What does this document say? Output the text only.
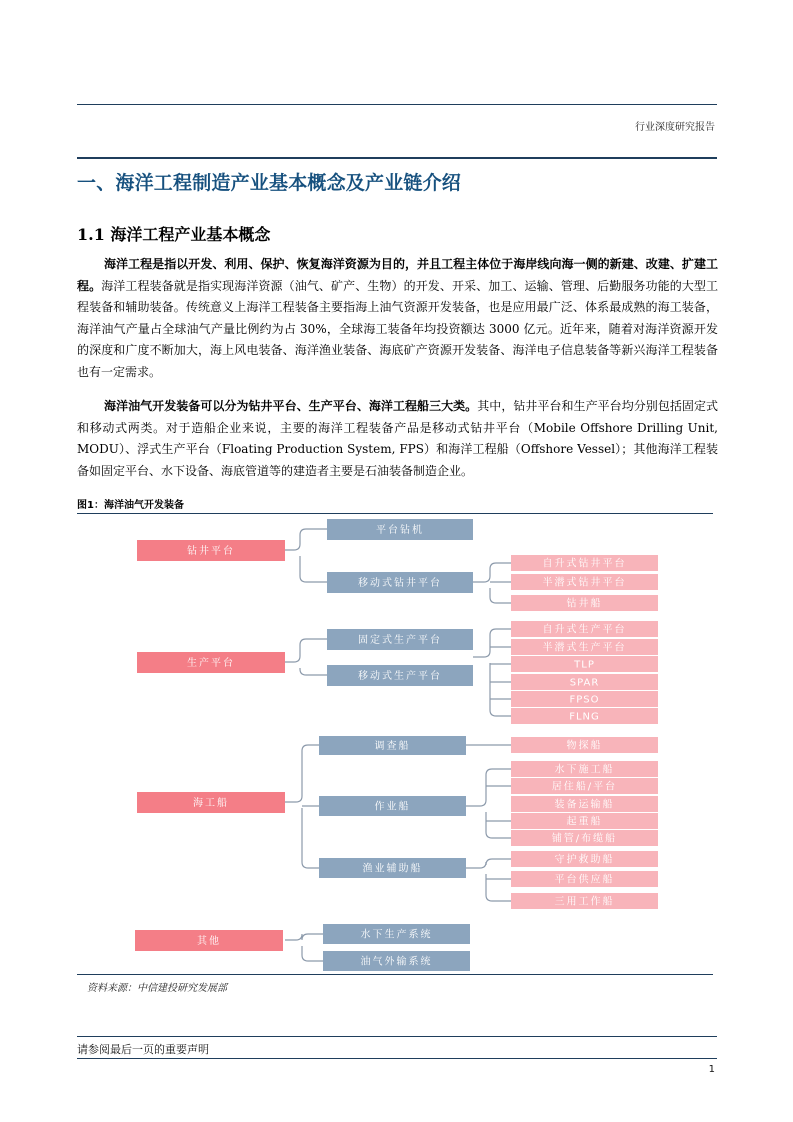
行业深度研究报告
一、海洋工程制造产业基本概念及产业链介绍
1.1 海洋工程产业基本概念

海洋工程是指以开发、利用、保护、恢复海洋资源为目的，并且工程主体位于海岸线向海一侧的新建、改建、扩建工程。海洋工程装备就是指实现海洋资源（油气、矿产、生物）的开发、开采、加工、运输、管理、后勤服务功能的大型工程装备和辅助装备。传统意义上海洋工程装备主要指海上油气资源开发装备，也是应用最广泛、体系最成熟的海工装备，海洋油气产量占全球油气产量比例约为占 30%，全球海工装备年均投资额达 3000 亿元。近年来，随着对海洋资源开发的深度和广度不断加大，海上风电装备、海洋渔业装备、海底矿产资源开发装备、海洋电子信息装备等新兴海洋工程装备也有一定需求。

海洋油气开发装备可以分为钻井平台、生产平台、海洋工程船三大类。其中，钻井平台和生产平台均分别包括固定式和移动式两类。对于造船企业来说，主要的海洋工程装备产品是移动式钻井平台（Mobile Offshore Drilling Unit, MODU）、浮式生产平台（Floating Production System, FPS）和海洋工程船（Offshore Vessel）；其他海洋工程装备如固定平台、水下设备、海底管道等的建造者主要是石油装备制造企业。

图1：海洋油气开发装备
钻井平台
生产平台
海工船
其他
平台钻机
移动式钻井平台
固定式生产平台
移动式生产平台
调查船
作业船
渔业辅助船
水下生产系统
油气外输系统
自升式钻井平台
半潜式钻井平台
钻井船
自升式生产平台
半潜式生产平台
TLP
SPAR
FPSO
FLNG
物探船
水下施工船
居住船/平台
装备运输船
起重船
铺管/布缆船
守护救助船
平台供应船
三用工作船
资料来源：中信建投研究发展部
请参阅最后一页的重要声明
1
